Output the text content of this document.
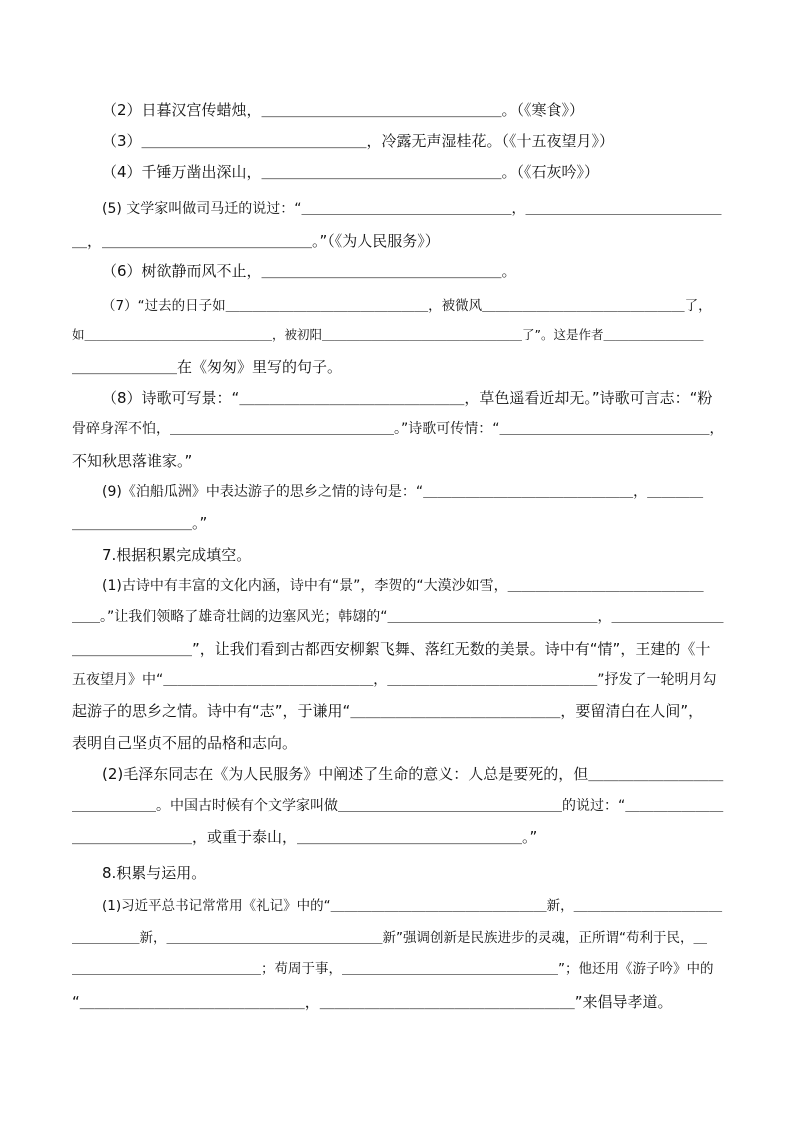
（2）日暮汉宫传蜡烛，＿＿＿＿＿＿＿＿＿＿＿＿＿＿＿＿。（《寒食》）
（3）＿＿＿＿＿＿＿＿＿＿＿＿＿＿＿，冷露无声湿桂花。（《十五夜望月》）
（4）千锤万凿出深山，＿＿＿＿＿＿＿＿＿＿＿＿＿＿＿＿。（《石灰吟》）
(5) 文学家叫做司马迁的说过：“＿＿＿＿＿＿＿＿＿＿＿＿＿＿＿，＿＿＿＿＿＿＿＿＿＿＿＿＿＿
＿，＿＿＿＿＿＿＿＿＿＿＿＿＿＿。”（《为人民服务》）
（6）树欲静而风不止，＿＿＿＿＿＿＿＿＿＿＿＿＿＿＿＿。
（7）“过去的日子如＿＿＿＿＿＿＿＿＿＿＿＿＿＿＿，被微风＿＿＿＿＿＿＿＿＿＿＿＿＿＿＿了，
如＿＿＿＿＿＿＿＿＿＿＿＿＿＿＿，被初阳＿＿＿＿＿＿＿＿＿＿＿＿＿＿＿＿了”。这是作者＿＿＿＿＿＿＿＿
＿＿＿＿＿＿＿在《匆匆》里写的句子。
（8）诗歌可写景：“＿＿＿＿＿＿＿＿＿＿＿＿＿＿＿，草色遥看近却无。”诗歌可言志：“粉
骨碎身浑不怕，＿＿＿＿＿＿＿＿＿＿＿＿＿＿＿＿。”诗歌可传情：“＿＿＿＿＿＿＿＿＿＿＿＿＿＿＿，
不知秋思落谁家。”
(9)《泊船瓜洲》中表达游子的思乡之情的诗句是：“＿＿＿＿＿＿＿＿＿＿＿＿＿＿＿，＿＿＿＿
＿＿＿＿＿＿＿＿。”
7.根据积累完成填空。
(1)古诗中有丰富的文化内涵，诗中有“景”，李贺的“大漠沙如雪，＿＿＿＿＿＿＿＿＿＿＿＿＿＿
＿＿。”让我们领略了雄奇壮阔的边塞风光；韩翃的“＿＿＿＿＿＿＿＿＿＿＿＿＿＿＿，＿＿＿＿＿＿＿＿
＿＿＿＿＿＿＿＿”，让我们看到古都西安柳絮飞舞、落红无数的美景。诗中有“情”，王建的《十
五夜望月》中“＿＿＿＿＿＿＿＿＿＿＿＿＿＿＿，＿＿＿＿＿＿＿＿＿＿＿＿＿＿＿”抒发了一轮明月勾
起游子的思乡之情。诗中有“志”，于谦用“＿＿＿＿＿＿＿＿＿＿＿＿＿＿，要留清白在人间”，
表明自己坚贞不屈的品格和志向。
(2)毛泽东同志在《为人民服务》中阐述了生命的意义：人总是要死的，但＿＿＿＿＿＿＿＿＿
＿＿＿＿＿＿。中国古时候有个文学家叫做＿＿＿＿＿＿＿＿＿＿＿＿＿＿＿＿的说过：“＿＿＿＿＿＿＿
＿＿＿＿＿＿＿＿，或重于泰山，＿＿＿＿＿＿＿＿＿＿＿＿＿＿＿。”
8.积累与运用。
(1)习近平总书记常常用《礼记》中的“＿＿＿＿＿＿＿＿＿＿＿＿＿＿＿＿新，＿＿＿＿＿＿＿＿＿＿＿
＿＿＿＿＿新，＿＿＿＿＿＿＿＿＿＿＿＿＿＿＿＿新”强调创新是民族进步的灵魂，正所谓“苟利于民，＿
＿＿＿＿＿＿＿＿＿＿＿＿＿＿；苟周于事，＿＿＿＿＿＿＿＿＿＿＿＿＿＿＿＿”；他还用《游子吟》中的
“＿＿＿＿＿＿＿＿＿＿＿＿＿＿＿，＿＿＿＿＿＿＿＿＿＿＿＿＿＿＿＿＿”来倡导孝道。
